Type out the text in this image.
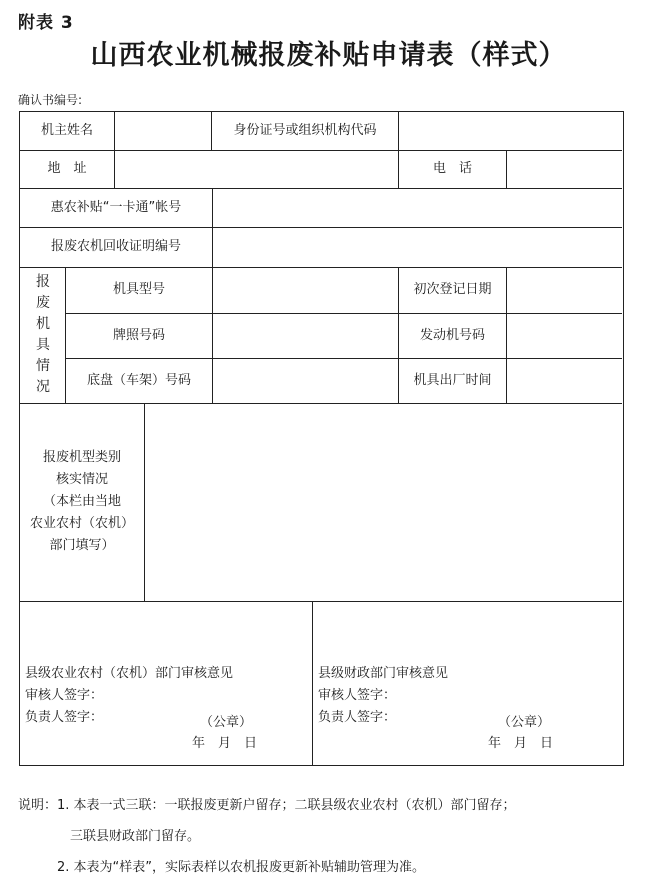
附表 3
山西农业机械报废补贴申请表（样式）
确认书编号:
机主姓名	身份证号或组织机构代码
地　址	电　话
惠农补贴“一卡通”帐号
报废农机回收证明编号
报
废
机
具
情
况
机具型号	初次登记日期
牌照号码	发动机号码
底盘（车架）号码	机具出厂时间
报废机型类别
核实情况
（本栏由当地
农业农村（农机）
部门填写）
县级农业农村（农机）部门审核意见
审核人签字：
负责人签字：	（公章）
年　月　日
县级财政部门审核意见
审核人签字：
负责人签字：	（公章）
年　月　日
说明：1. 本表一式三联：一联报废更新户留存；二联县级农业农村（农机）部门留存；
　　　　三联县财政部门留存。
　　　2. 本表为“样表”，实际表样以农机报废更新补贴辅助管理为准。
